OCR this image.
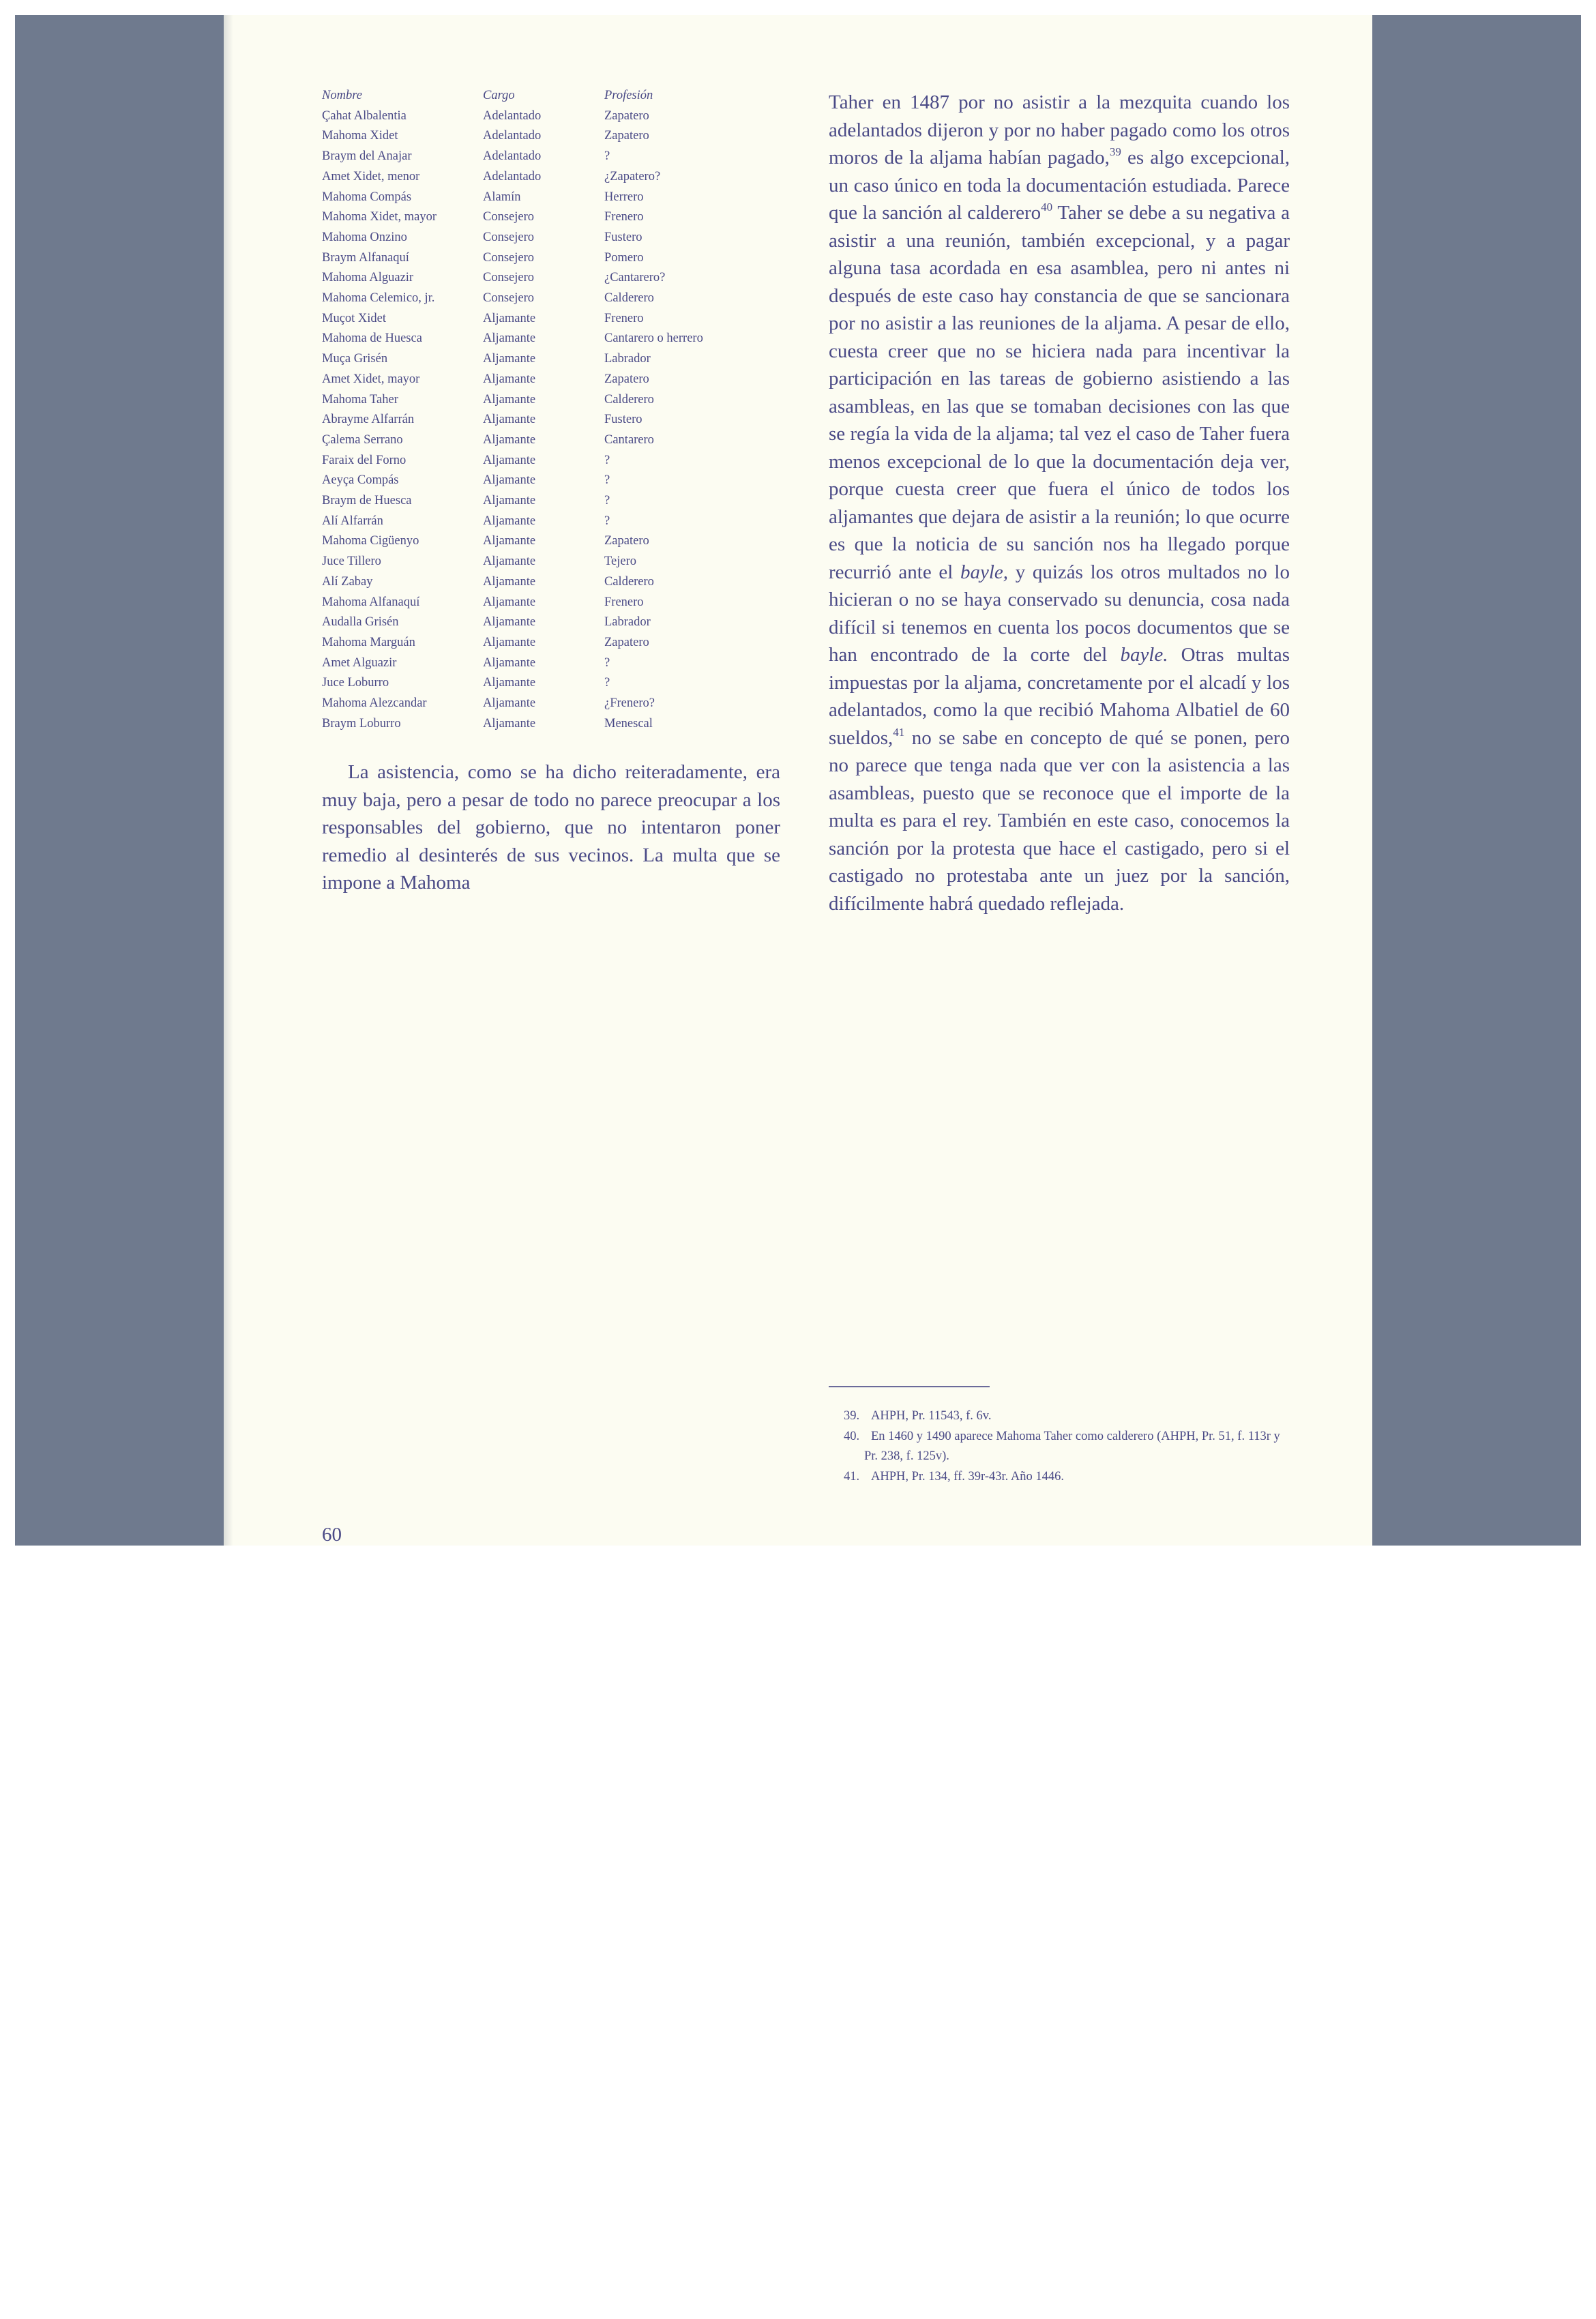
Nombre	Cargo	Profesión
Çahat Albalentia	Adelantado	Zapatero
Mahoma Xidet	Adelantado	Zapatero
Braym del Anajar	Adelantado	?
Amet Xidet, menor	Adelantado	¿Zapatero?
Mahoma Compás	Alamín	Herrero
Mahoma Xidet, mayor	Consejero	Frenero
Mahoma Onzino	Consejero	Fustero
Braym Alfanaquí	Consejero	Pomero
Mahoma Alguazir	Consejero	¿Cantarero?
Mahoma Celemico, jr.	Consejero	Calderero
Muçot Xidet	Aljamante	Frenero
Mahoma de Huesca	Aljamante	Cantarero o herrero
Muça Grisén	Aljamante	Labrador
Amet Xidet, mayor	Aljamante	Zapatero
Mahoma Taher	Aljamante	Calderero
Abrayme Alfarrán	Aljamante	Fustero
Çalema Serrano	Aljamante	Cantarero
Faraix del Forno	Aljamante	?
Aeyça Compás	Aljamante	?
Braym de Huesca	Aljamante	?
Alí Alfarrán	Aljamante	?
Mahoma Cigüenyo	Aljamante	Zapatero
Juce Tillero	Aljamante	Tejero
Alí Zabay	Aljamante	Calderero
Mahoma Alfanaquí	Aljamante	Frenero
Audalla Grisén	Aljamante	Labrador
Mahoma Marguán	Aljamante	Zapatero
Amet Alguazir	Aljamante	?
Juce Loburro	Aljamante	?
Mahoma Alezcandar	Aljamante	¿Frenero?
Braym Loburro	Aljamante	Menescal

La asistencia, como se ha dicho reiteradamente, era muy baja, pero a pesar de todo no parece preocupar a los responsables del gobierno, que no intentaron poner remedio al desinterés de sus vecinos. La multa que se impone a Mahoma

Taher en 1487 por no asistir a la mezquita cuando los adelantados dijeron y por no haber pagado como los otros moros de la aljama habían pagado,$^{39}$ es algo excepcional, un caso único en toda la documentación estudiada. Parece que la sanción al calderero$^{40}$ Taher se debe a su negativa a asistir a una reunión, también excepcional, y a pagar alguna tasa acordada en esa asamblea, pero ni antes ni después de este caso hay constancia de que se sancionara por no asistir a las reuniones de la aljama. A pesar de ello, cuesta creer que no se hiciera nada para incentivar la participación en las tareas de gobierno asistiendo a las asambleas, en las que se tomaban decisiones con las que se regía la vida de la aljama; tal vez el caso de Taher fuera menos excepcional de lo que la documentación deja ver, porque cuesta creer que fuera el único de todos los aljamantes que dejara de asistir a la reunión; lo que ocurre es que la noticia de su sanción nos ha llegado porque recurrió ante el bayle, y quizás los otros multados no lo hicieran o no se haya conservado su denuncia, cosa nada difícil si tenemos en cuenta los pocos documentos que se han encontrado de la corte del bayle. Otras multas impuestas por la aljama, concretamente por el alcadí y los adelantados, como la que recibió Mahoma Albatiel de 60 sueldos,$^{41}$ no se sabe en concepto de qué se ponen, pero no parece que tenga nada que ver con la asistencia a las asambleas, puesto que se reconoce que el importe de la multa es para el rey. También en este caso, conocemos la sanción por la protesta que hace el castigado, pero si el castigado no protestaba ante un juez por la sanción, difícilmente habrá quedado reflejada.

39. AHPH, Pr. 11543, f. 6v.

40. En 1460 y 1490 aparece Mahoma Taher como calderero (AHPH, Pr. 51, f. 113r y Pr. 238, f. 125v).

41. AHPH, Pr. 134, ff. 39r-43r. Año 1446.

60
